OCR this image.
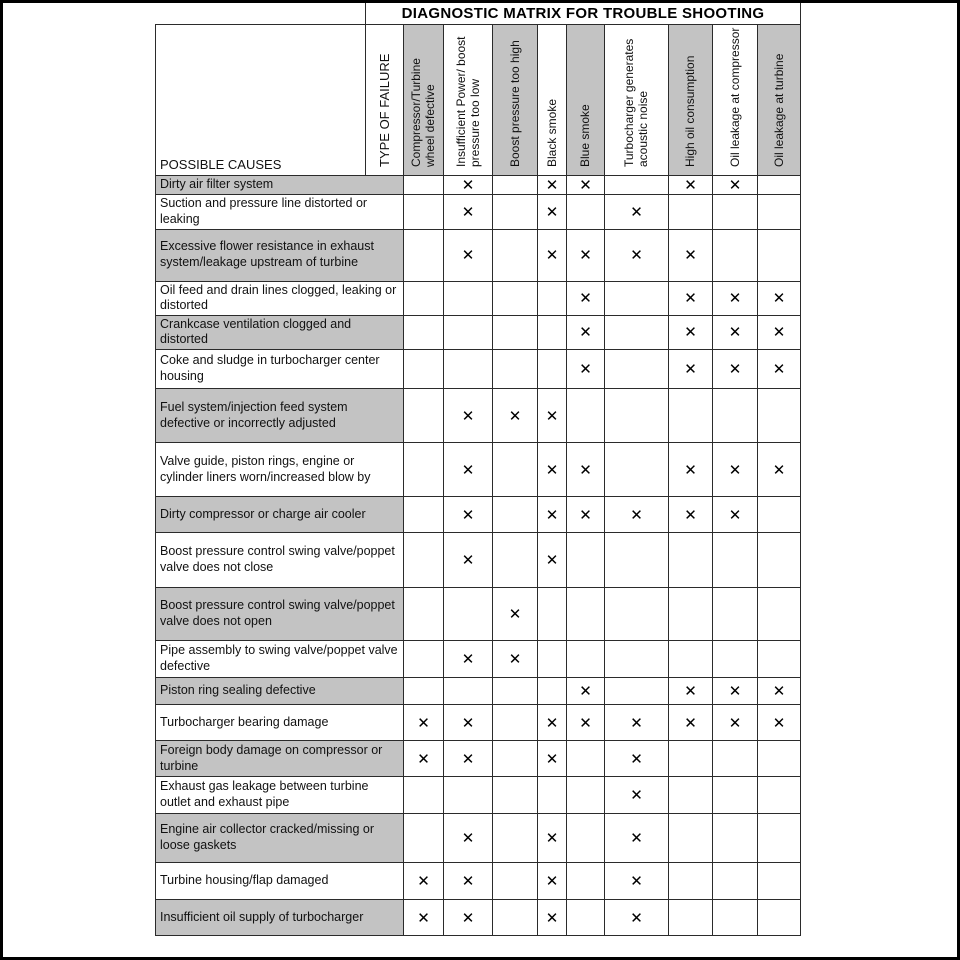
	DIAGNOSTIC MATRIX FOR TROUBLE SHOOTING									
POSSIBLE CAUSES	TYPE OF FAILURE	Compressor/Turbine wheel defective	Insufficient Power/ boost pressure too low	Boost pressure too high	Black smoke	Blue smoke	Turbocharger generates acoustic noise	High oil consumption	Oil leakage at compressor	Oil leakage at turbine
Dirty air filter system			✕		✕	✕		✕	✕	
Suction and pressure line distorted or leaking			✕		✕		✕			
Excessive flower resistance in exhaust system/leakage upstream of turbine			✕		✕	✕	✕	✕		
Oil feed and drain lines clogged, leaking or distorted						✕		✕	✕	✕
Crankcase ventilation clogged and distorted						✕		✕	✕	✕
Coke and sludge in turbocharger center housing						✕		✕	✕	✕
Fuel system/injection feed system defective or incorrectly adjusted			✕	✕	✕					
Valve guide, piston rings, engine or cylinder liners worn/increased blow by			✕		✕	✕		✕	✕	✕
Dirty compressor or charge air cooler			✕		✕	✕	✕	✕	✕	
Boost pressure control swing valve/poppet valve does not close			✕		✕					
Boost pressure control swing valve/poppet valve does not open				✕						
Pipe assembly to swing valve/poppet valve defective			✕	✕						
Piston ring sealing defective						✕		✕	✕	✕
Turbocharger bearing damage		✕	✕		✕	✕	✕	✕	✕	✕
Foreign body damage on compressor or turbine		✕	✕		✕		✕			
Exhaust gas leakage between turbine outlet and exhaust pipe							✕			
Engine air collector cracked/missing or loose gaskets			✕		✕		✕			
Turbine housing/flap damaged		✕	✕		✕		✕			
Insufficient oil supply of turbocharger		✕	✕		✕		✕			
